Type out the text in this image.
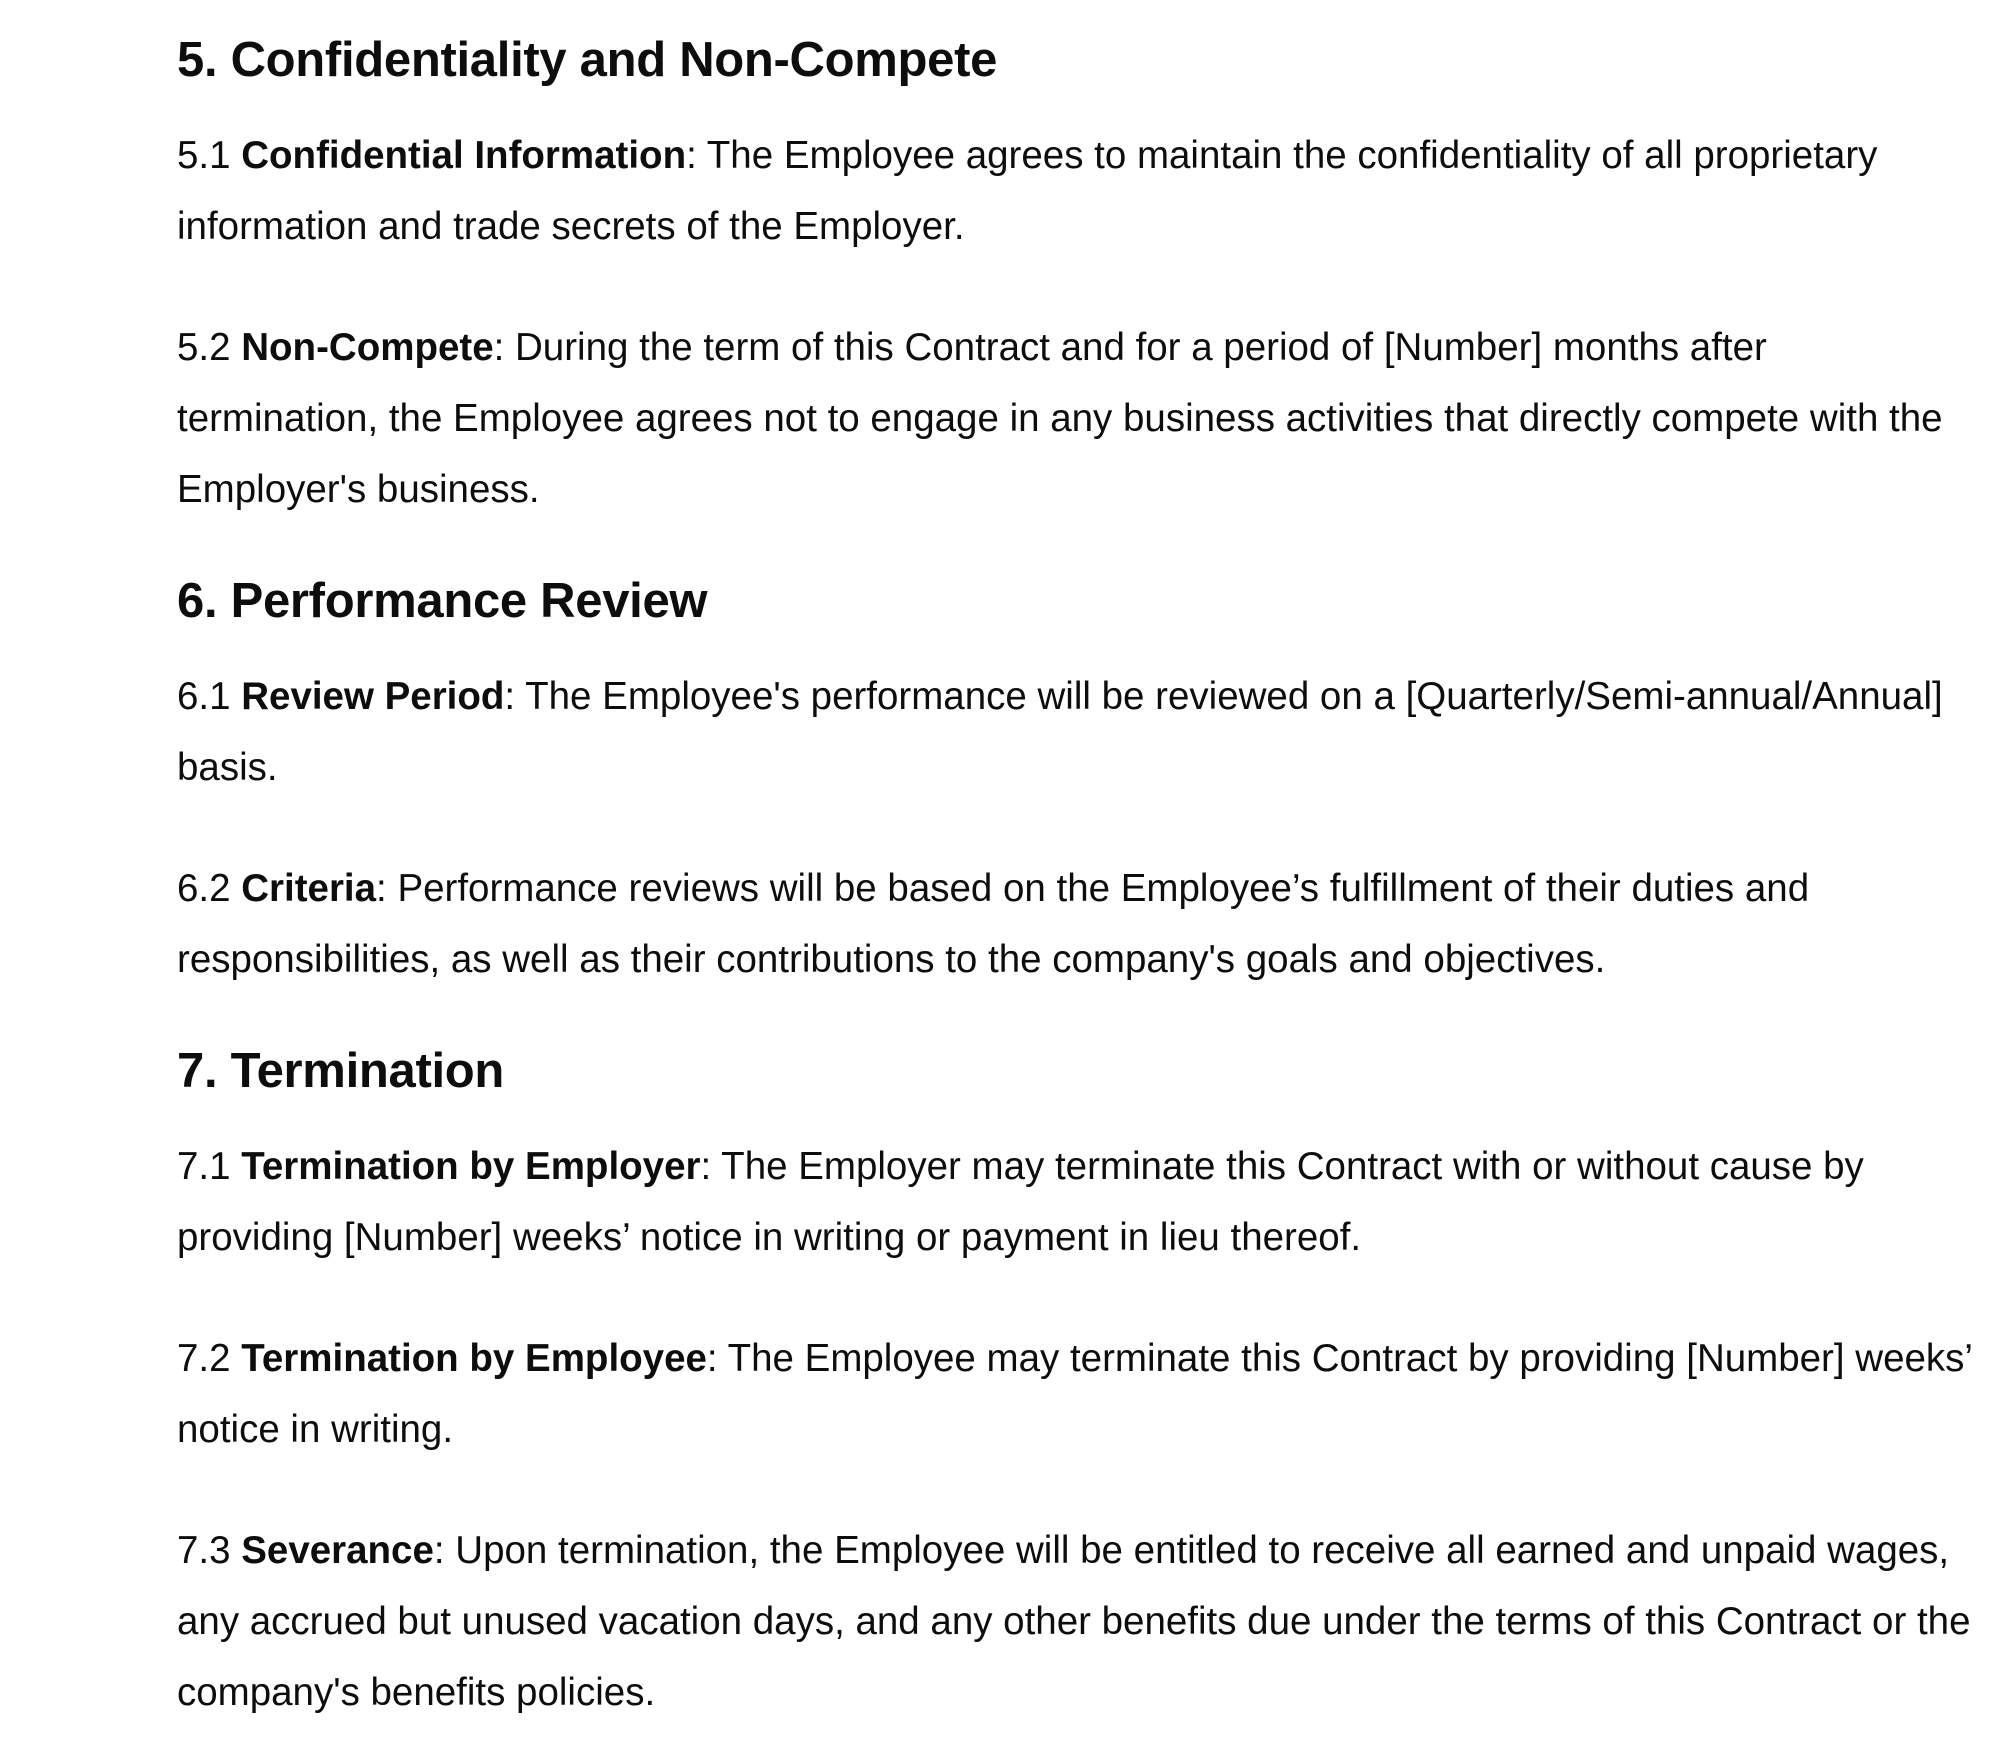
5. Confidentiality and Non-Compete

5.1 Confidential Information: The Employee agrees to maintain the confidentiality of all proprietary information and trade secrets of the Employer.

5.2 Non-Compete: During the term of this Contract and for a period of [Number] months after termination, the Employee agrees not to engage in any business activities that directly compete with the Employer's business.

6. Performance Review

6.1 Review Period: The Employee's performance will be reviewed on a [Quarterly/Semi-annual/Annual] basis.

6.2 Criteria: Performance reviews will be based on the Employee’s fulfillment of their duties and responsibilities, as well as their contributions to the company's goals and objectives.

7. Termination

7.1 Termination by Employer: The Employer may terminate this Contract with or without cause by providing [Number] weeks’ notice in writing or payment in lieu thereof.

7.2 Termination by Employee: The Employee may terminate this Contract by providing [Number] weeks’ notice in writing.

7.3 Severance: Upon termination, the Employee will be entitled to receive all earned and unpaid wages, any accrued but unused vacation days, and any other benefits due under the terms of this Contract or the company's benefits policies.
